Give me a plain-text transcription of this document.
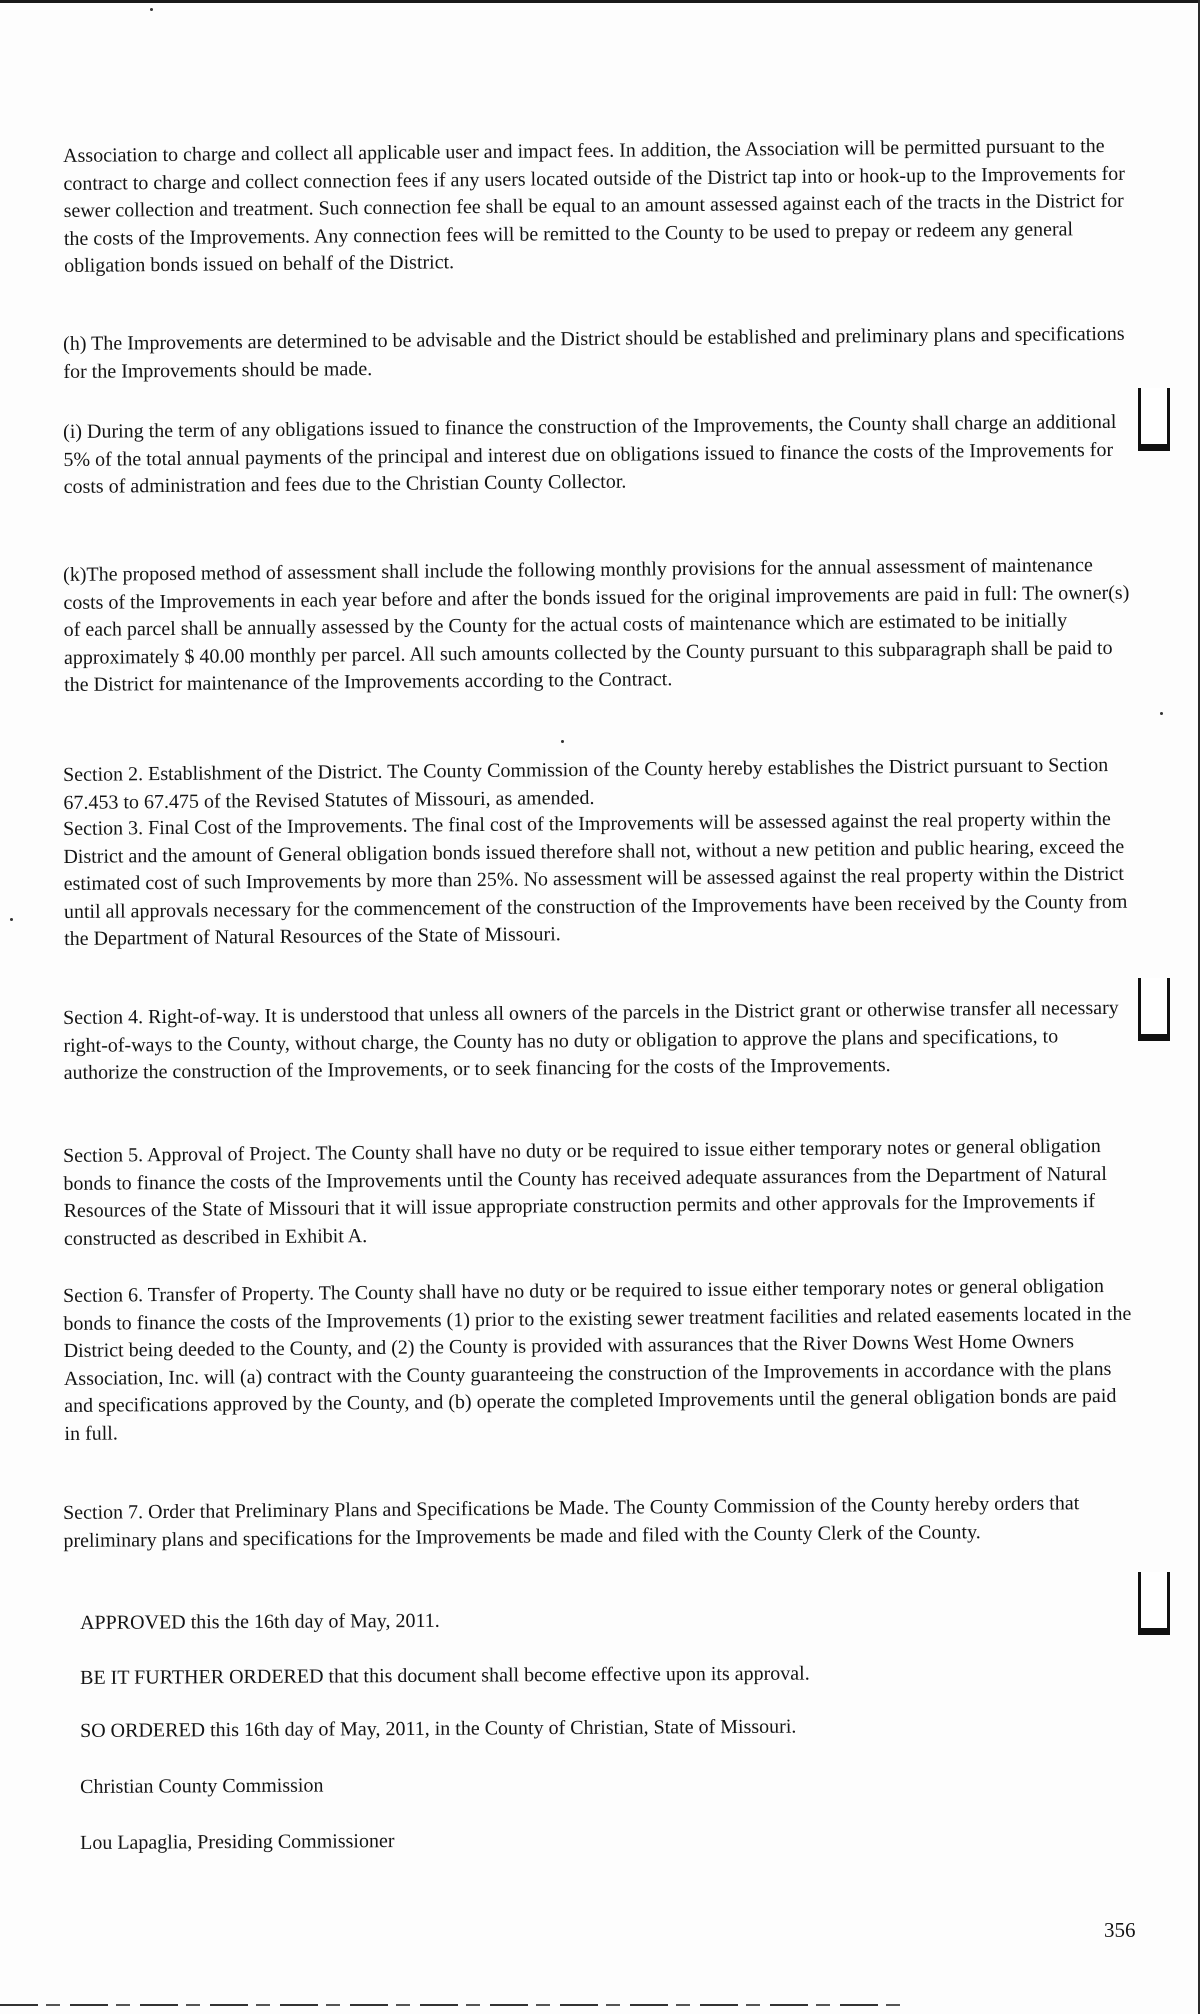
Association to charge and collect all applicable user and impact fees. In addition, the Association will be permitted pursuant to the contract to charge and collect connection fees if any users located outside of the District tap into or hook-up to the Improvements for sewer collection and treatment. Such connection fee shall be equal to an amount assessed against each of the tracts in the District for the costs of the Improvements. Any connection fees will be remitted to the County to be used to prepay or redeem any general obligation bonds issued on behalf of the District.

(h) The Improvements are determined to be advisable and the District should be established and preliminary plans and specifications for the Improvements should be made.

(i) During the term of any obligations issued to finance the construction of the Improvements, the County shall charge an additional 5% of the total annual payments of the principal and interest due on obligations issued to finance the costs of the Improvements for costs of administration and fees due to the Christian County Collector.

(k)The proposed method of assessment shall include the following monthly provisions for the annual assessment of maintenance costs of the Improvements in each year before and after the bonds issued for the original improvements are paid in full: The owner(s) of each parcel shall be annually assessed by the County for the actual costs of maintenance which are estimated to be initially approximately $ 40.00 monthly per parcel. All such amounts collected by the County pursuant to this subparagraph shall be paid to the District for maintenance of the Improvements according to the Contract.

Section 2. Establishment of the District. The County Commission of the County hereby establishes the District pursuant to Section 67.453 to 67.475 of the Revised Statutes of Missouri, as amended.

Section 3. Final Cost of the Improvements. The final cost of the Improvements will be assessed against the real property within the District and the amount of General obligation bonds issued therefore shall not, without a new petition and public hearing, exceed the estimated cost of such Improvements by more than 25%. No assessment will be assessed against the real property within the District until all approvals necessary for the commencement of the construction of the Improvements have been received by the County from the Department of Natural Resources of the State of Missouri.

Section 4. Right-of-way. It is understood that unless all owners of the parcels in the District grant or otherwise transfer all necessary right-of-ways to the County, without charge, the County has no duty or obligation to approve the plans and specifications, to authorize the construction of the Improvements, or to seek financing for the costs of the Improvements.

Section 5. Approval of Project. The County shall have no duty or be required to issue either temporary notes or general obligation bonds to finance the costs of the Improvements until the County has received adequate assurances from the Department of Natural Resources of the State of Missouri that it will issue appropriate construction permits and other approvals for the Improvements if constructed as described in Exhibit A.

Section 6. Transfer of Property. The County shall have no duty or be required to issue either temporary notes or general obligation bonds to finance the costs of the Improvements (1) prior to the existing sewer treatment facilities and related easements located in the District being deeded to the County, and (2) the County is provided with assurances that the River Downs West Home Owners Association, Inc. will (a) contract with the County guaranteeing the construction of the Improvements in accordance with the plans and specifications approved by the County, and (b) operate the completed Improvements until the general obligation bonds are paid in full.

Section 7. Order that Preliminary Plans and Specifications be Made. The County Commission of the County hereby orders that preliminary plans and specifications for the Improvements be made and filed with the County Clerk of the County.

APPROVED this the 16th day of May, 2011.

BE IT FURTHER ORDERED that this document shall become effective upon its approval.

SO ORDERED this 16th day of May, 2011, in the County of Christian, State of Missouri.

Christian County Commission

Lou Lapaglia, Presiding Commissioner

356
